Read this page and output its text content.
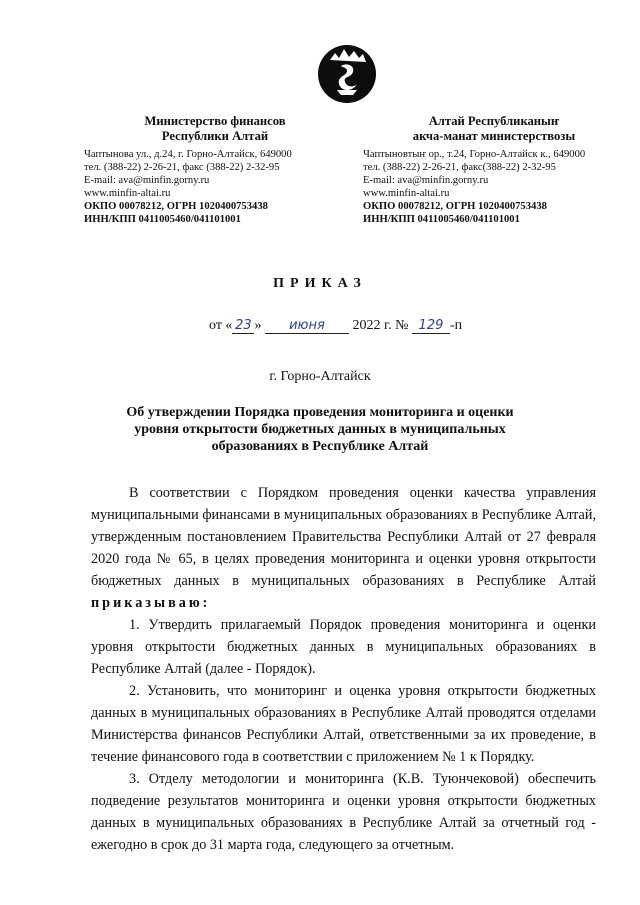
Министерство финансов
Республики Алтай
Чаптынова ул., д.24, г. Горно-Алтайск, 649000
тел. (388-22) 2-26-21, факс (388-22) 2-32-95
E-mail: ava@minfin.gorny.ru
www.minfin-altai.ru
ОКПО 00078212, ОГРН 1020400753438
ИНН/КПП 0411005460/041101001
Алтай Республиканыҥ
акча-манат министерствозы
Чаптыновтыҥ ор., т.24, Горно-Алтайск к., 649000
тел. (388-22) 2-26-21, факс(388-22) 2-32-95
E-mail: ava@minfin.gorny.ru
www.minfin-altai.ru
ОКПО 00078212, ОГРН 1020400753438
ИНН/КПП 0411005460/041101001
ПРИКАЗ
от « 23 » июня 2022 г. № 129 -п
г. Горно-Алтайск
Об утверждении Порядка проведения мониторинга и оценки уровня открытости бюджетных данных в муниципальных образованиях в Республике Алтай

В соответствии с Порядком проведения оценки качества управления муниципальными финансами в муниципальных образованиях в Республике Алтай, утвержденным постановлением Правительства Республики Алтай от 27 февраля 2020 года № 65, в целях проведения мониторинга и оценки уровня открытости бюджетных данных в муниципальных образованиях в Республике Алтай приказываю:

1. Утвердить прилагаемый Порядок проведения мониторинга и оценки уровня открытости бюджетных данных в муниципальных образованиях в Республике Алтай (далее - Порядок).

2. Установить, что мониторинг и оценка уровня открытости бюджетных данных в муниципальных образованиях в Республике Алтай проводятся отделами Министерства финансов Республики Алтай, ответственными за их проведение, в течение финансового года в соответствии с приложением № 1 к Порядку.

3. Отделу методологии и мониторинга (К.В. Туюнчековой) обеспечить подведение результатов мониторинга и оценки уровня открытости бюджетных данных в муниципальных образованиях в Республике Алтай за отчетный год - ежегодно в срок до 31 марта года, следующего за отчетным.
